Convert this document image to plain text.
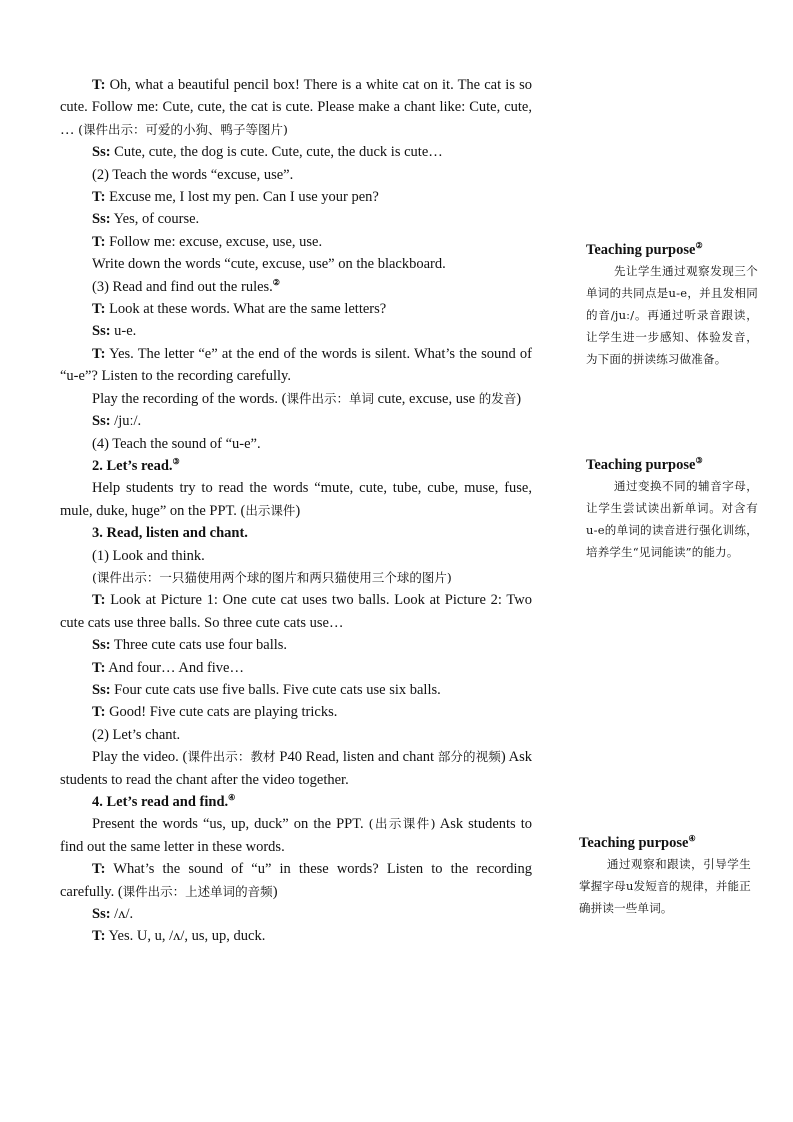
T: Oh, what a beautiful pencil box! There is a white cat on it. The cat is so cute. Follow me: Cute, cute, the cat is cute. Please make a chant like: Cute, cute, … (课件出示：可爱的小狗、鸭子等图片)

Ss: Cute, cute, the dog is cute. Cute, cute, the duck is cute…

(2) Teach the words “excuse, use”.

T: Excuse me, I lost my pen. Can I use your pen?

Ss: Yes, of course.

T: Follow me: excuse, excuse, use, use.

Write down the words “cute, excuse, use” on the blackboard.

(3) Read and find out the rules.②

T: Look at these words. What are the same letters?

Ss: u-e.

T: Yes. The letter “e” at the end of the words is silent. What’s the sound of “u-e”? Listen to the recording carefully.

Play the recording of the words. (课件出示：单词 cute, excuse, use 的发音)

Ss: /juː/.

(4) Teach the sound of “u-e”.

2. Let’s read.③

Help students try to read the words “mute, cute, tube, cube, muse, fuse, mule, duke, huge” on the PPT. (出示课件)

3. Read, listen and chant.

(1) Look and think.

(课件出示：一只猫使用两个球的图片和两只猫使用三个球的图片)

T: Look at Picture 1: One cute cat uses two balls. Look at Picture 2: Two cute cats use three balls. So three cute cats use…

Ss: Three cute cats use four balls.

T: And four… And five…

Ss: Four cute cats use five balls. Five cute cats use six balls.

T: Good! Five cute cats are playing tricks.

(2) Let’s chant.

Play the video. (课件出示：教材 P40 Read, listen and chant 部分的视频) Ask students to read the chant after the video together.

4. Let’s read and find.④

Present the words “us, up, duck” on the PPT. (出示课件) Ask students to find out the same letter in these words.

T: What’s the sound of “u” in these words? Listen to the recording carefully. (课件出示：上述单词的音频)

Ss: /ʌ/.

T: Yes. U, u, /ʌ/, us, up, duck.

Teaching purpose②

先让学生通过观察发现三个单词的共同点是u-e，并且发相同的音/juː/。再通过听录音跟读，让学生进一步感知、体验发音，为下面的拼读练习做准备。

Teaching purpose③

通过变换不同的辅音字母，让学生尝试读出新单词。对含有u-e的单词的读音进行强化训练，培养学生“见词能读”的能力。

Teaching purpose④

通过观察和跟读，引导学生掌握字母u发短音的规律，并能正确拼读一些单词。
